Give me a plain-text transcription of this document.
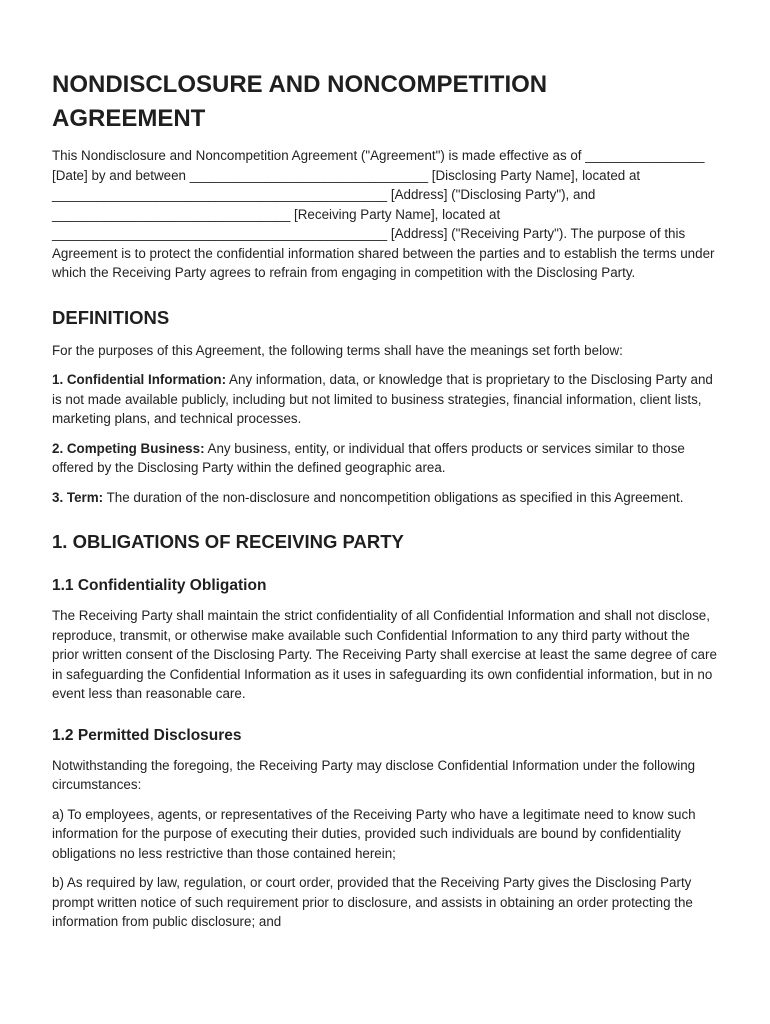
NONDISCLOSURE AND NONCOMPETITION
AGREEMENT

This Nondisclosure and Noncompetition Agreement ("Agreement") is made effective as of ________________ [Date] by and between ________________________________ [Disclosing Party Name], located at _____________________________________________ [Address] ("Disclosing Party"), and ________________________________ [Receiving Party Name], located at _____________________________________________ [Address] ("Receiving Party"). The purpose of this Agreement is to protect the confidential information shared between the parties and to establish the terms under which the Receiving Party agrees to refrain from engaging in competition with the Disclosing Party.

DEFINITIONS

For the purposes of this Agreement, the following terms shall have the meanings set forth below:

1. Confidential Information: Any information, data, or knowledge that is proprietary to the Disclosing Party and is not made available publicly, including but not limited to business strategies, financial information, client lists, marketing plans, and technical processes.

2. Competing Business: Any business, entity, or individual that offers products or services similar to those offered by the Disclosing Party within the defined geographic area.

3. Term: The duration of the non-disclosure and noncompetition obligations as specified in this Agreement.

1. OBLIGATIONS OF RECEIVING PARTY
1.1 Confidentiality Obligation

The Receiving Party shall maintain the strict confidentiality of all Confidential Information and shall not disclose, reproduce, transmit, or otherwise make available such Confidential Information to any third party without the prior written consent of the Disclosing Party. The Receiving Party shall exercise at least the same degree of care in safeguarding the Confidential Information as it uses in safeguarding its own confidential information, but in no event less than reasonable care.

1.2 Permitted Disclosures

Notwithstanding the foregoing, the Receiving Party may disclose Confidential Information under the following circumstances:

a) To employees, agents, or representatives of the Receiving Party who have a legitimate need to know such information for the purpose of executing their duties, provided such individuals are bound by confidentiality obligations no less restrictive than those contained herein;

b) As required by law, regulation, or court order, provided that the Receiving Party gives the Disclosing Party prompt written notice of such requirement prior to disclosure, and assists in obtaining an order protecting the information from public disclosure; and
